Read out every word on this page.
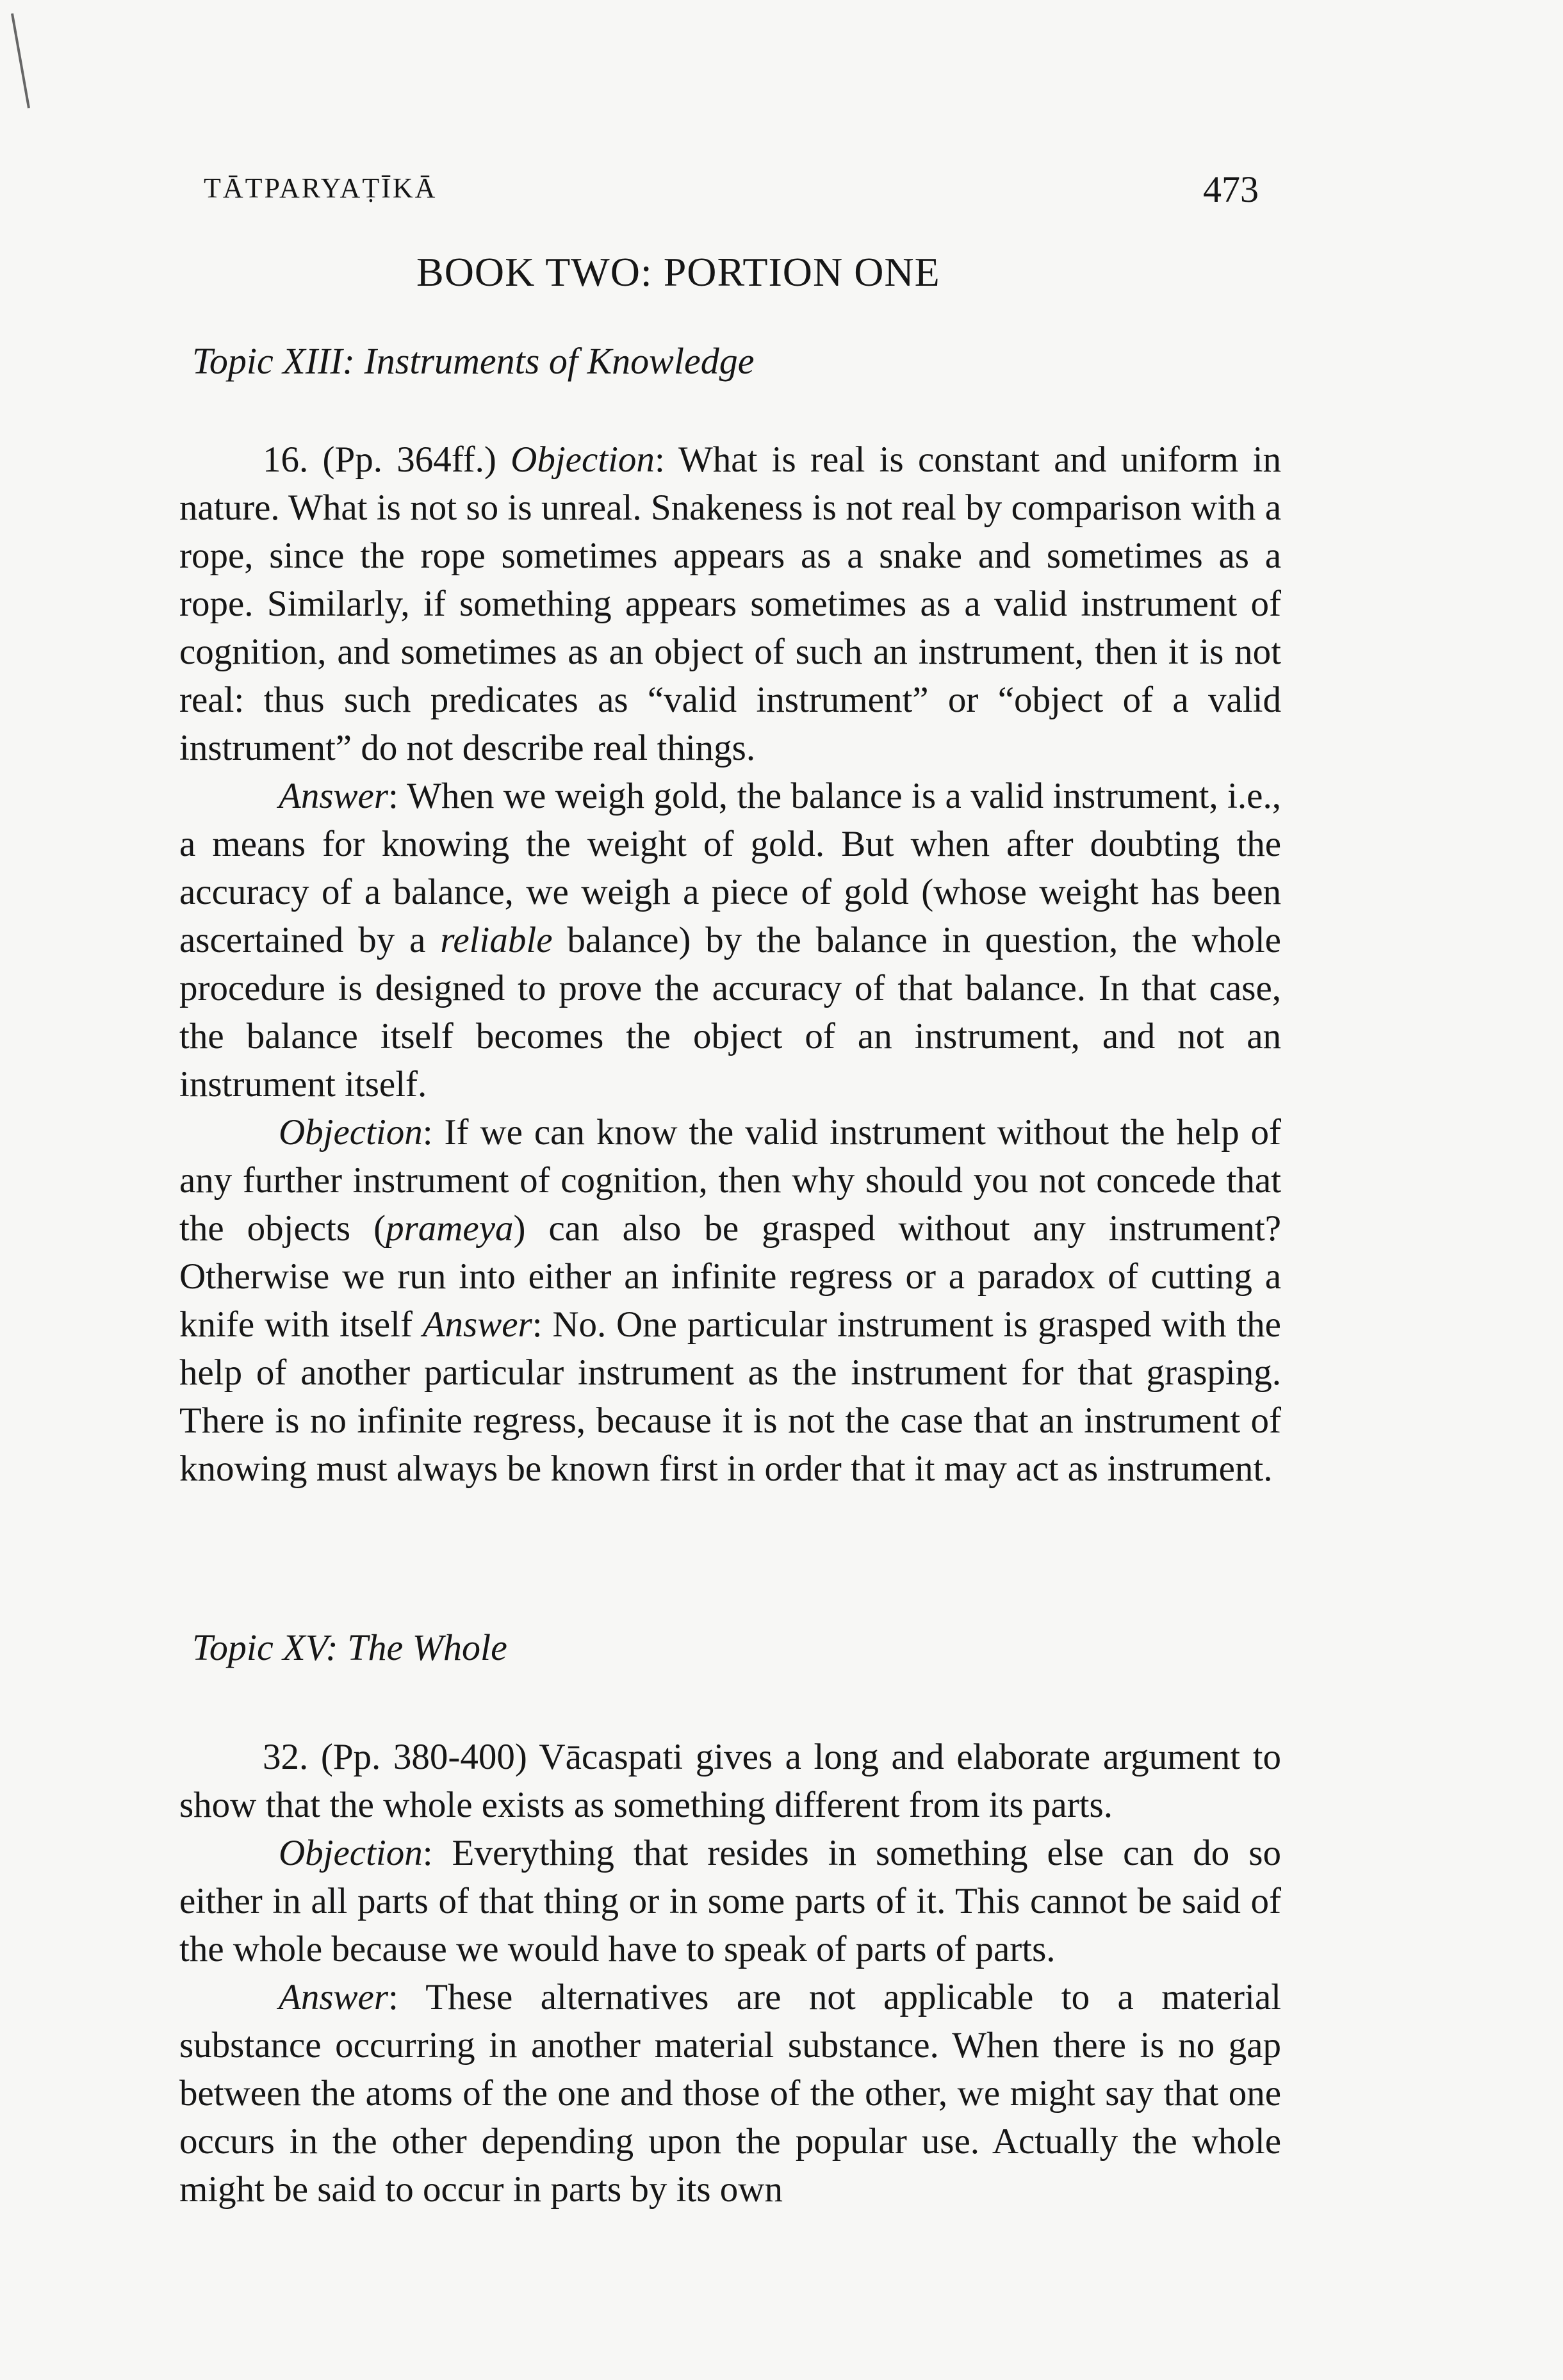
TĀTPARYAṬĪKĀ	473
BOOK TWO: PORTION ONE
Topic XIII: Instruments of Knowledge

16. (Pp. 364ff.) Objection: What is real is constant and uniform in nature. What is not so is unreal. Snakeness is not real by comparison with a rope, since the rope sometimes appears as a snake and sometimes as a rope. Similarly, if something appears sometimes as a valid instrument of cognition, and sometimes as an object of such an instrument, then it is not real: thus such predicates as “valid instrument” or “object of a valid instrument” do not describe real things.

Answer: When we weigh gold, the balance is a valid instrument, i.e., a means for knowing the weight of gold. But when after doubting the accuracy of a balance, we weigh a piece of gold (whose weight has been ascertained by a reliable balance) by the balance in question, the whole procedure is designed to prove the accuracy of that balance. In that case, the balance itself becomes the object of an instrument, and not an instrument itself.

Objection: If we can know the valid instrument without the help of any further instrument of cognition, then why should you not concede that the objects (prameya) can also be grasped without any instrument? Otherwise we run into either an infinite regress or a paradox of cutting a knife with itself Answer: No. One particular instrument is grasped with the help of another particular instrument as the instrument for that grasping. There is no infinite regress, because it is not the case that an instrument of knowing must always be known first in order that it may act as instrument.

Topic XV: The Whole

32. (Pp. 380-400) Vācaspati gives a long and elaborate argument to show that the whole exists as something different from its parts.

Objection: Everything that resides in something else can do so either in all parts of that thing or in some parts of it. This cannot be said of the whole because we would have to speak of parts of parts.

Answer: These alternatives are not applicable to a material substance occurring in another material substance. When there is no gap between the atoms of the one and those of the other, we might say that one occurs in the other depending upon the popular use. Actually the whole might be said to occur in parts by its own
